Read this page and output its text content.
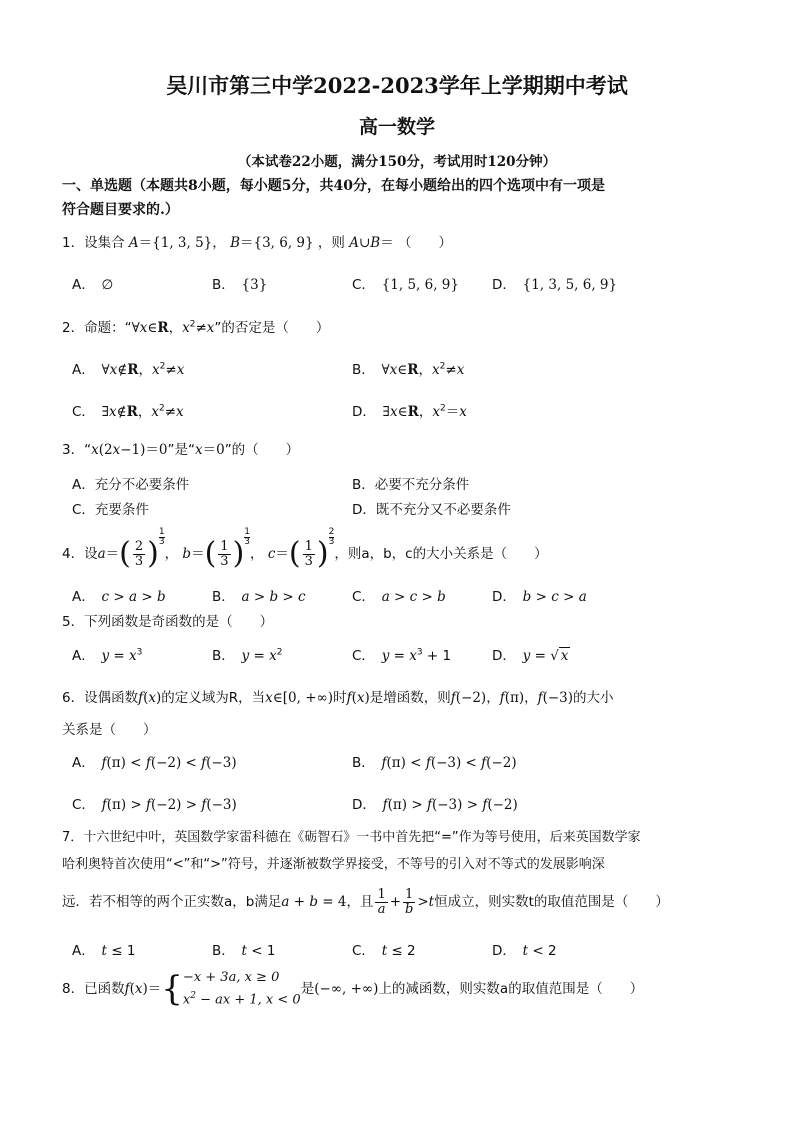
吴川市第三中学2022-2023学年上学期期中考试
高一数学
（本试卷22小题，满分150分，考试用时120分钟）
一、单选题（本题共8小题，每小题5分，共40分，在每小题给出的四个选项中有一项是
符合题目要求的.）
1．设集合 A＝{1, 3, 5}， B＝{3, 6, 9} ，则 A∪B＝ （　　）
A．　 ∅	B．　 {3}	C．　 {1, 5, 6, 9} D．　 {1, 3, 5, 6, 9}
2．命题：“∀x∈R，$x^2\ne x$”的否定是（　　）
A．　 ∀x∉R，$x^2\ne x$	B．　 ∀x∈R，$x^2\ne x$
C．　 ∃x∉R，$x^2\ne x$	D．　 ∃x∈R，$x^2=x$
3．“x(2x−1)＝0”是“x＝0”的（　　）
A．充分不必要条件	B．必要不充分条件
C．充要条件	D．既不充分又不必要条件
4．设$a=( \frac{2}{3}$ ) $\frac{1}{3}$
， $b=( \frac{1}{3}$ ) $\frac{1}{3}$
， $c=( \frac{1}{3}$ ) $\frac{2}{3}$
，则a，b，c的大小关系是（　　）
A．　 c > a > b	B．　 a > b > c	C．　 a > c > b	D．　 b > c > a
5．下列函数是奇函数的是（　　）
A．　 $y = x^3$	B．　 $y = x^2$	C．　 $y = x^3 + 1$	D．　 y = √ x
6．设偶函数f(x)的定义域为R，当x∈[0, +∞)时f(x)是增函数，则f(−2)，f(π)，f(−3)的大小
关系是（　　）
A．　 f(π) < f(−2) < f(−3)	B．　 f(π) < f(−3) < f(−2)
C．　 f(π) > f(−2) > f(−3)	D．　 f(π) > f(−3) > f(−2)
7．十六世纪中叶，英国数学家雷科德在《砺智石》一书中首先把“=”作为等号使用，后来英国数学家
哈利奥特首次使用“<”和“>”符号，并逐渐被数学界接受，不等号的引入对不等式的发展影响深
远．若不相等的两个正实数a，b满足a + b = 4，且 $\frac{1}{a} + \frac{1}{b} >t$恒成立，则实数t的取值范围是（　　）
A．　 t ≤ 1	B．　 t < 1	C．　 t ≤ 2	D．　 t < 2
8．已函数f(x)＝{−x + 3a, x ≥ 0
$x^2$ − ax + 1, x < 0是(−∞, +∞)上的减函数，则实数a的取值范围是（　　）
